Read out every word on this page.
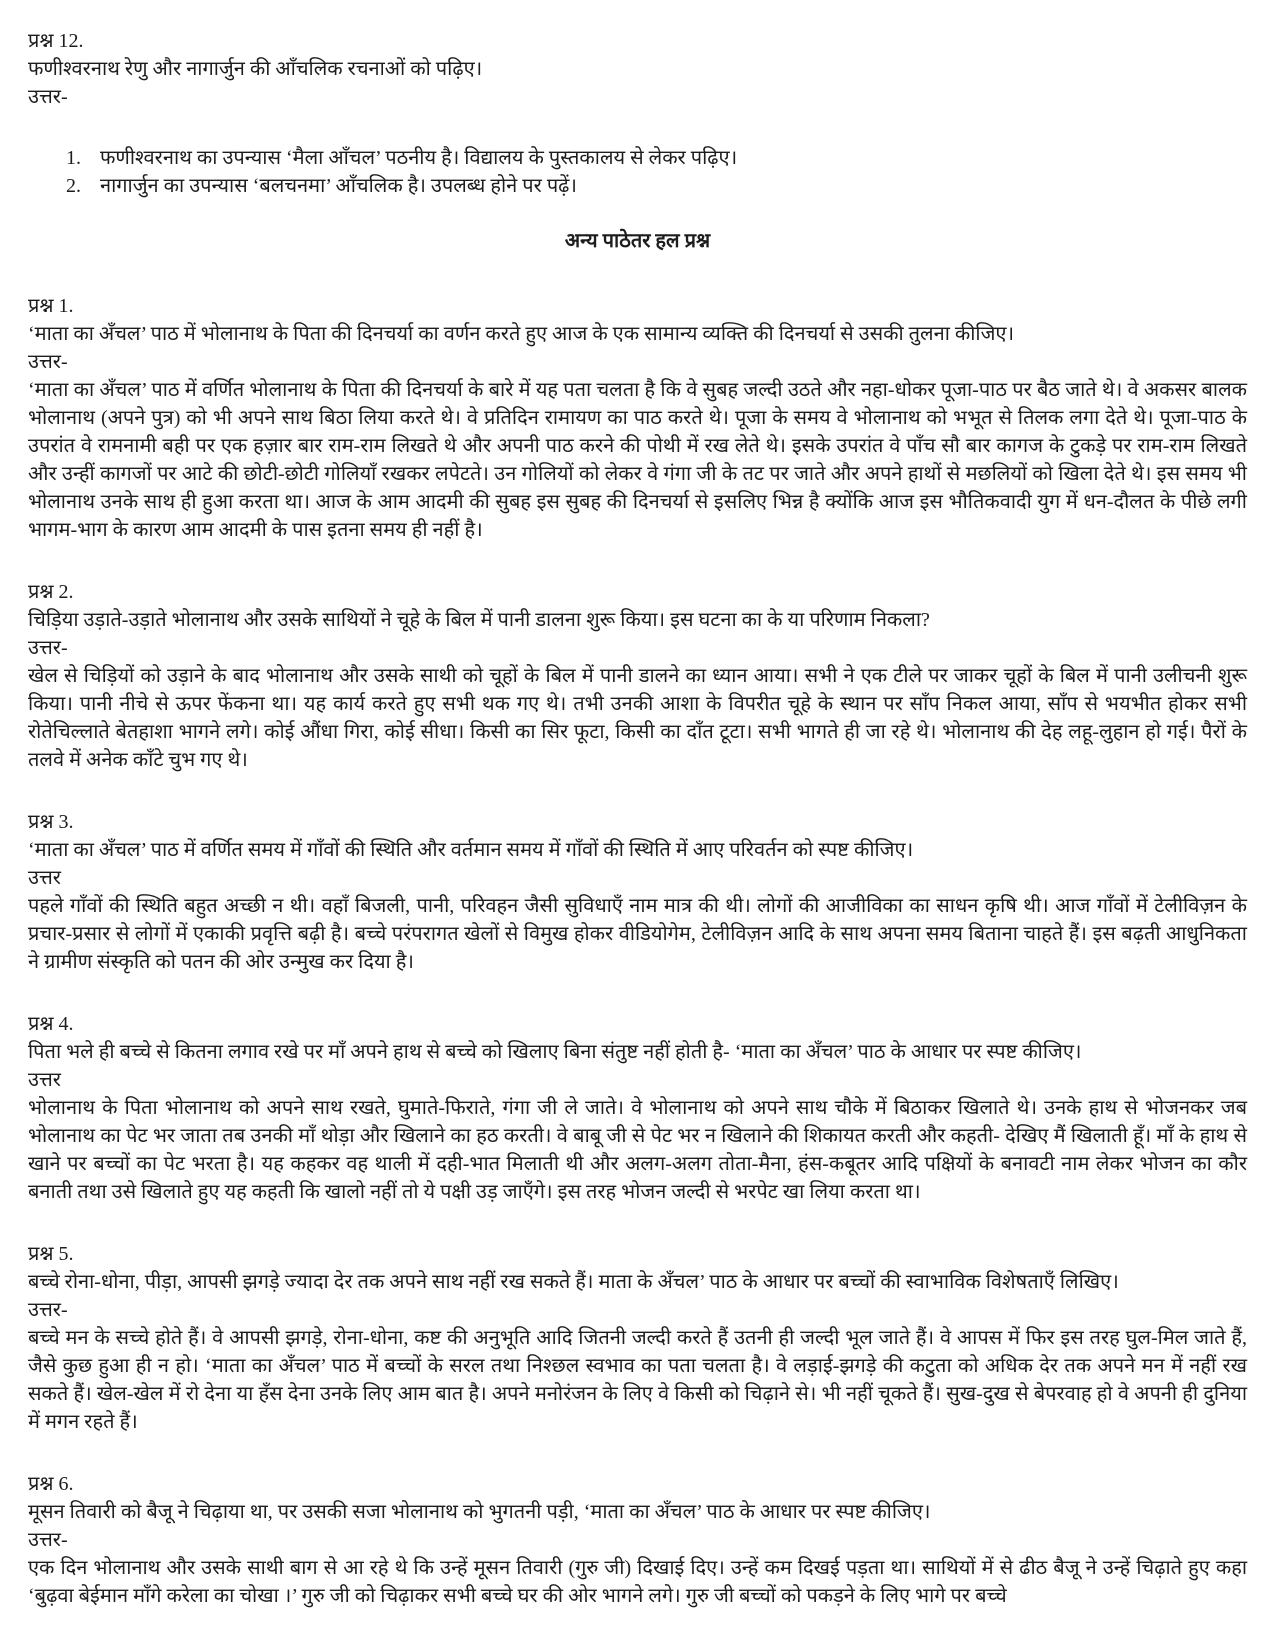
प्रश्न 12.

फणीश्वरनाथ रेणु और नागार्जुन की आँचलिक रचनाओं को पढ़िए।

उत्तर-

1. फणीश्वरनाथ का उपन्यास ‘मैला आँचल’ पठनीय है। विद्यालय के पुस्तकालय से लेकर पढ़िए।
2. नागार्जुन का उपन्यास ‘बलचनमा’ आँचलिक है। उपलब्ध होने पर पढ़ें।
अन्य पाठेतर हल प्रश्न

प्रश्न 1.

‘माता का अँचल’ पाठ में भोलानाथ के पिता की दिनचर्या का वर्णन करते हुए आज के एक सामान्य व्यक्ति की दिनचर्या से उसकी तुलना कीजिए।

उत्तर-

‘माता का अँचल’ पाठ में वर्णित भोलानाथ के पिता की दिनचर्या के बारे में यह पता चलता है कि वे सुबह जल्दी उठते और नहा-धोकर पूजा-पाठ पर बैठ जाते थे। वे अकसर बालक भोलानाथ (अपने पुत्र) को भी अपने साथ बिठा लिया करते थे। वे प्रतिदिन रामायण का पाठ करते थे। पूजा के समय वे भोलानाथ को भभूत से तिलक लगा देते थे। पूजा-पाठ के उपरांत वे रामनामी बही पर एक हज़ार बार राम-राम लिखते थे और अपनी पाठ करने की पोथी में रख लेते थे। इसके उपरांत वे पाँच सौ बार कागज के टुकड़े पर राम-राम लिखते और उन्हीं कागजों पर आटे की छोटी-छोटी गोलियाँ रखकर लपेटते। उन गोलियों को लेकर वे गंगा जी के तट पर जाते और अपने हाथों से मछलियों को खिला देते थे। इस समय भी भोलानाथ उनके साथ ही हुआ करता था। आज के आम आदमी की सुबह इस सुबह की दिनचर्या से इसलिए भिन्न है क्योंकि आज इस भौतिकवादी युग में धन-दौलत के पीछे लगी भागम-भाग के कारण आम आदमी के पास इतना समय ही नहीं है।

प्रश्न 2.

चिड़िया उड़ाते-उड़ाते भोलानाथ और उसके साथियों ने चूहे के बिल में पानी डालना शुरू किया। इस घटना का के या परिणाम निकला?

उत्तर-

खेल से चिड़ियों को उड़ाने के बाद भोलानाथ और उसके साथी को चूहों के बिल में पानी डालने का ध्यान आया। सभी ने एक टीले पर जाकर चूहों के बिल में पानी उलीचनी शुरू किया। पानी नीचे से ऊपर फेंकना था। यह कार्य करते हुए सभी थक गए थे। तभी उनकी आशा के विपरीत चूहे के स्थान पर साँप निकल आया, साँप से भयभीत होकर सभी रोतेचिल्लाते बेतहाशा भागने लगे। कोई औंधा गिरा, कोई सीधा। किसी का सिर फूटा, किसी का दाँत टूटा। सभी भागते ही जा रहे थे। भोलानाथ की देह लहू-लुहान हो गई। पैरों के तलवे में अनेक काँटे चुभ गए थे।

प्रश्न 3.

‘माता का अँचल’ पाठ में वर्णित समय में गाँवों की स्थिति और वर्तमान समय में गाँवों की स्थिति में आए परिवर्तन को स्पष्ट कीजिए।

उत्तर

पहले गाँवों की स्थिति बहुत अच्छी न थी। वहाँ बिजली, पानी, परिवहन जैसी सुविधाएँ नाम मात्र की थी। लोगों की आजीविका का साधन कृषि थी। आज गाँवों में टेलीविज़न के प्रचार-प्रसार से लोगों में एकाकी प्रवृत्ति बढ़ी है। बच्चे परंपरागत खेलों से विमुख होकर वीडियोगेम, टेलीविज़न आदि के साथ अपना समय बिताना चाहते हैं। इस बढ़ती आधुनिकता ने ग्रामीण संस्कृति को पतन की ओर उन्मुख कर दिया है।

प्रश्न 4.

पिता भले ही बच्चे से कितना लगाव रखे पर माँ अपने हाथ से बच्चे को खिलाए बिना संतुष्ट नहीं होती है- ‘माता का अँचल’ पाठ के आधार पर स्पष्ट कीजिए।

उत्तर

भोलानाथ के पिता भोलानाथ को अपने साथ रखते, घुमाते-फिराते, गंगा जी ले जाते। वे भोलानाथ को अपने साथ चौके में बिठाकर खिलाते थे। उनके हाथ से भोजनकर जब भोलानाथ का पेट भर जाता तब उनकी माँ थोड़ा और खिलाने का हठ करती। वे बाबू जी से पेट भर न खिलाने की शिकायत करती और कहती- देखिए मैं खिलाती हूँ। माँ के हाथ से खाने पर बच्चों का पेट भरता है। यह कहकर वह थाली में दही-भात मिलाती थी और अलग-अलग तोता-मैना, हंस-कबूतर आदि पक्षियों के बनावटी नाम लेकर भोजन का कौर बनाती तथा उसे खिलाते हुए यह कहती कि खालो नहीं तो ये पक्षी उड़ जाएँगे। इस तरह भोजन जल्दी से भरपेट खा लिया करता था।

प्रश्न 5.

बच्चे रोना-धोना, पीड़ा, आपसी झगड़े ज्यादा देर तक अपने साथ नहीं रख सकते हैं। माता के अँचल’ पाठ के आधार पर बच्चों की स्वाभाविक विशेषताएँ लिखिए।

उत्तर-

बच्चे मन के सच्चे होते हैं। वे आपसी झगड़े, रोना-धोना, कष्ट की अनुभूति आदि जितनी जल्दी करते हैं उतनी ही जल्दी भूल जाते हैं। वे आपस में फिर इस तरह घुल-मिल जाते हैं, जैसे कुछ हुआ ही न हो। ‘माता का अँचल’ पाठ में बच्चों के सरल तथा निश्छल स्वभाव का पता चलता है। वे लड़ाई-झगड़े की कटुता को अधिक देर तक अपने मन में नहीं रख सकते हैं। खेल-खेल में रो देना या हँस देना उनके लिए आम बात है। अपने मनोरंजन के लिए वे किसी को चिढ़ाने से। भी नहीं चूकते हैं। सुख-दुख से बेपरवाह हो वे अपनी ही दुनिया में मगन रहते हैं।

प्रश्न 6.

मूसन तिवारी को बैजू ने चिढ़ाया था, पर उसकी सजा भोलानाथ को भुगतनी पड़ी, ‘माता का अँचल’ पाठ के आधार पर स्पष्ट कीजिए।

उत्तर-

एक दिन भोलानाथ और उसके साथी बाग से आ रहे थे कि उन्हें मूसन तिवारी (गुरु जी) दिखाई दिए। उन्हें कम दिखई पड़ता था। साथियों में से ढीठ बैजू ने उन्हें चिढ़ाते हुए कहा ‘बुढ़वा बेईमान माँगे करेला का चोखा ।’ गुरु जी को चिढ़ाकर सभी बच्चे घर की ओर भागने लगे। गुरु जी बच्चों को पकड़ने के लिए भागे पर बच्चे
